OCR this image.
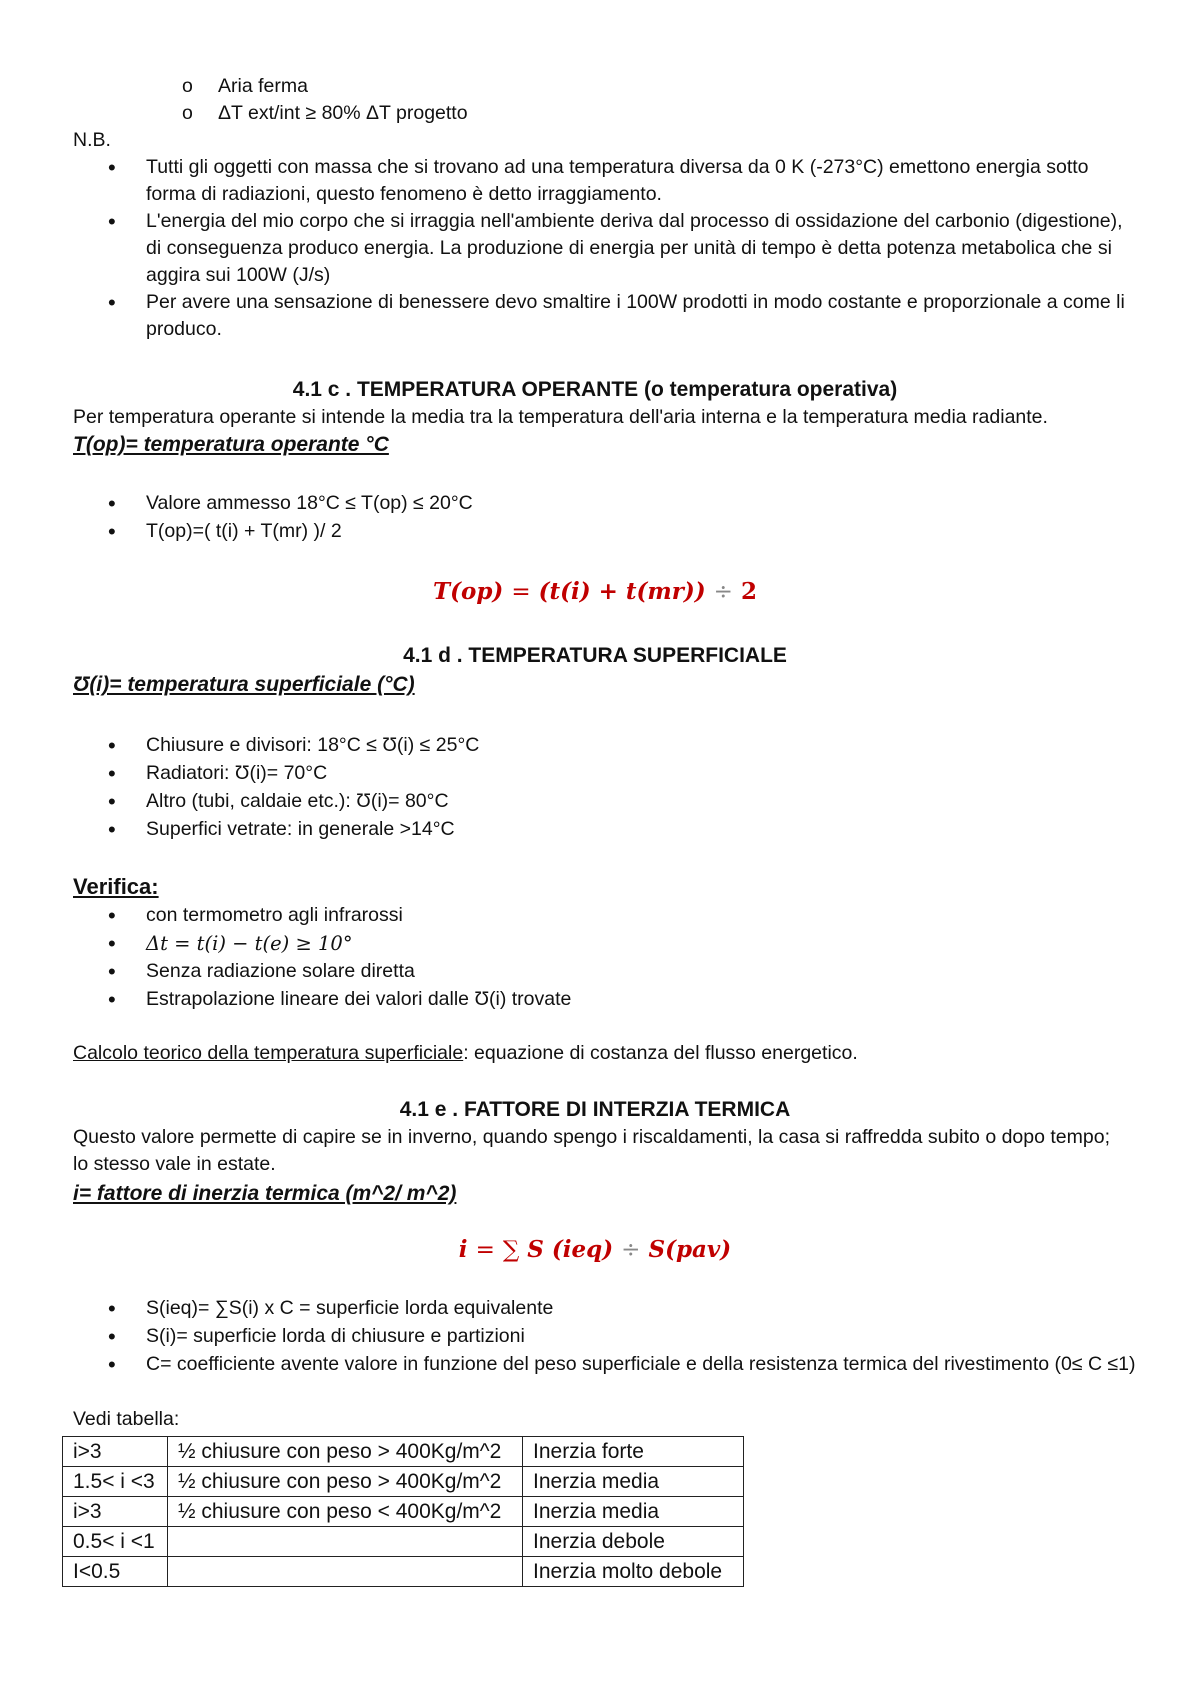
o Aria ferma
o ΔT ext/int ≥ 80% ΔT progetto
N.B.
• Tutti gli oggetti con massa che si trovano ad una temperatura diversa da 0 K (-273°C) emettono energia sotto forma di radiazioni, questo fenomeno è detto irraggiamento.
• L'energia del mio corpo che si irraggia nell'ambiente deriva dal processo di ossidazione del carbonio (digestione), di conseguenza produco energia. La produzione di energia per unità di tempo è detta potenza metabolica che si aggira sui 100W (J/s)
• Per avere una sensazione di benessere devo smaltire i 100W prodotti in modo costante e proporzionale a come li produco.
4.1 c . TEMPERATURA OPERANTE (o temperatura operativa)
Per temperatura operante si intende la media tra la temperatura dell'aria interna e la temperatura media radiante.
T(op)= temperatura operante °C
• Valore ammesso 18°C ≤ T(op) ≤ 20°C
• T(op)=( t(i) + T(mr) )/ 2
T(op) = (t(i) + t(mr)) ÷ 2
4.1 d . TEMPERATURA SUPERFICIALE
Ʊ(i)= temperatura superficiale (°C)
• Chiusure e divisori: 18°C ≤ Ʊ(i) ≤ 25°C
• Radiatori: Ʊ(i)= 70°C
• Altro (tubi, caldaie etc.): Ʊ(i)= 80°C
• Superfici vetrate: in generale >14°C
Verifica:
• con termometro agli infrarossi
• Δt = t(i) − t(e) ≥ 10°
• Senza radiazione solare diretta
• Estrapolazione lineare dei valori dalle Ʊ(i) trovate
Calcolo teorico della temperatura superficiale: equazione di costanza del flusso energetico.
4.1 e . FATTORE DI INTERZIA TERMICA
Questo valore permette di capire se in inverno, quando spengo i riscaldamenti, la casa si raffredda subito o dopo tempo; lo stesso vale in estate.
i= fattore di inerzia termica (m^2/ m^2)
i = ∑ S (ieq) ÷ S(pav)
• S(ieq)= ∑S(i) x C = superficie lorda equivalente
• S(i)= superficie lorda di chiusure e partizioni
• C= coefficiente avente valore in funzione del peso superficiale e della resistenza termica del rivestimento (0≤ C ≤1)
Vedi tabella:
i>3	½ chiusure con peso > 400Kg/m^2	Inerzia forte
1.5< i <3	½ chiusure con peso > 400Kg/m^2	Inerzia media
i>3	½ chiusure con peso < 400Kg/m^2	Inerzia media
0.5< i <1		Inerzia debole
I<0.5		Inerzia molto debole
